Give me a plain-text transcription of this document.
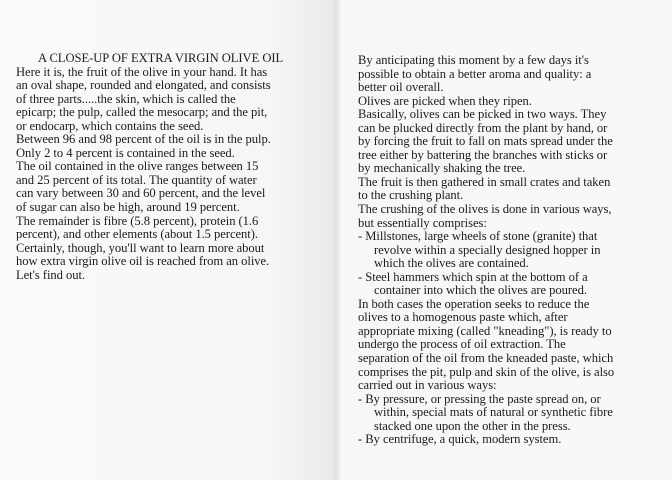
A CLOSE-UP OF EXTRA VIRGIN OLIVE OIL
Here it is, the fruit of the olive in your hand. It has
an oval shape, rounded and elongated, and consists
of three parts.....the skin, which is called the
epicarp; the pulp, called the mesocarp; and the pit,
or endocarp, which contains the seed.
Between 96 and 98 percent of the oil is in the pulp.
Only 2 to 4 percent is contained in the seed.
The oil contained in the olive ranges between 15
and 25 percent of its total. The quantity of water
can vary between 30 and 60 percent, and the level
of sugar can also be high, around 19 percent.
The remainder is fibre (5.8 percent), protein (1.6
percent), and other elements (about 1.5 percent).
Certainly, though, you'll want to learn more about
how extra virgin olive oil is reached from an olive.
Let's find out.
By anticipating this moment by a few days it's
possible to obtain a better aroma and quality: a
better oil overall.
Olives are picked when they ripen.
Basically, olives can be picked in two ways. They
can be plucked directly from the plant by hand, or
by forcing the fruit to fall on mats spread under the
tree either by battering the branches with sticks or
by mechanically shaking the tree.
The fruit is then gathered in small crates and taken
to the crushing plant.
The crushing of the olives is done in various ways,
but essentially comprises:
- Millstones, large wheels of stone (granite) that
revolve within a specially designed hopper in
which the olives are contained.
- Steel hammers which spin at the bottom of a
container into which the olives are poured.
In both cases the operation seeks to reduce the
olives to a homogenous paste which, after
appropriate mixing (called "kneading"), is ready to
undergo the process of oil extraction. The
separation of the oil from the kneaded paste, which
comprises the pit, pulp and skin of the olive, is also
carried out in various ways:
- By pressure, or pressing the paste spread on, or
within, special mats of natural or synthetic fibre
stacked one upon the other in the press.
- By centrifuge, a quick, modern system.
